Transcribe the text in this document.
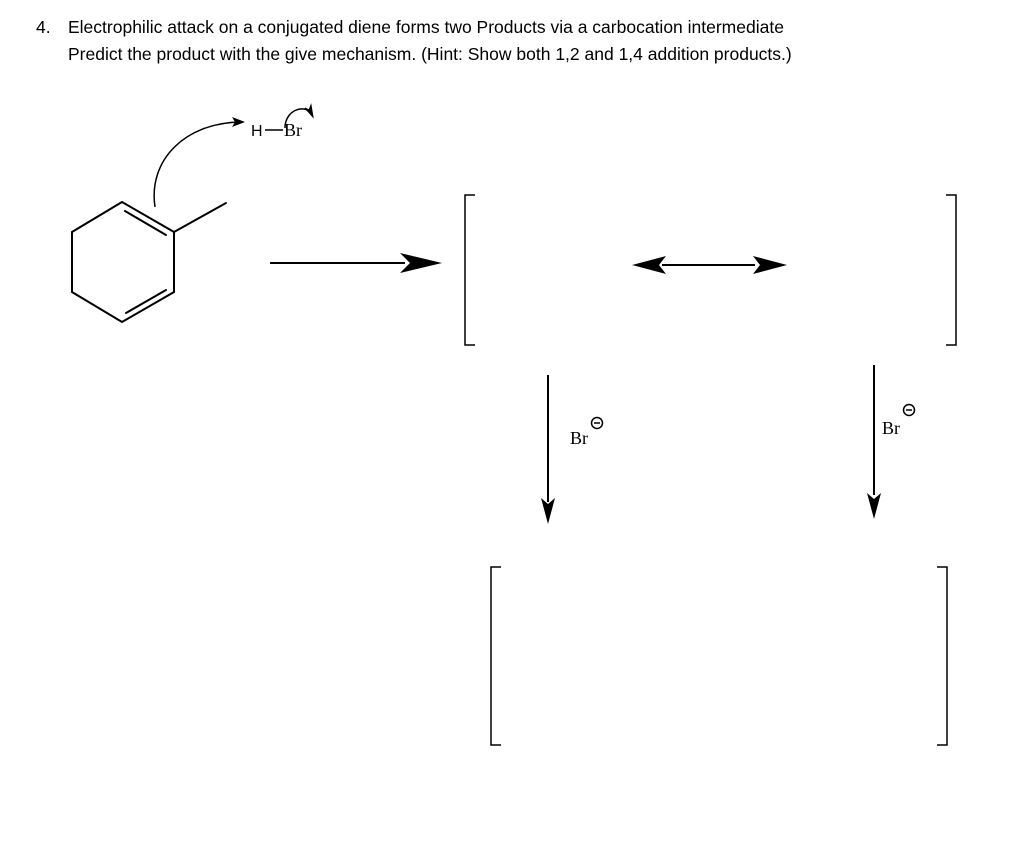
4. Electrophilic attack on a conjugated diene forms two Products via a carbocation intermediate
Predict the product with the give mechanism. (Hint: Show both 1,2 and 1,4 addition products.)
H Br
Br	Br
